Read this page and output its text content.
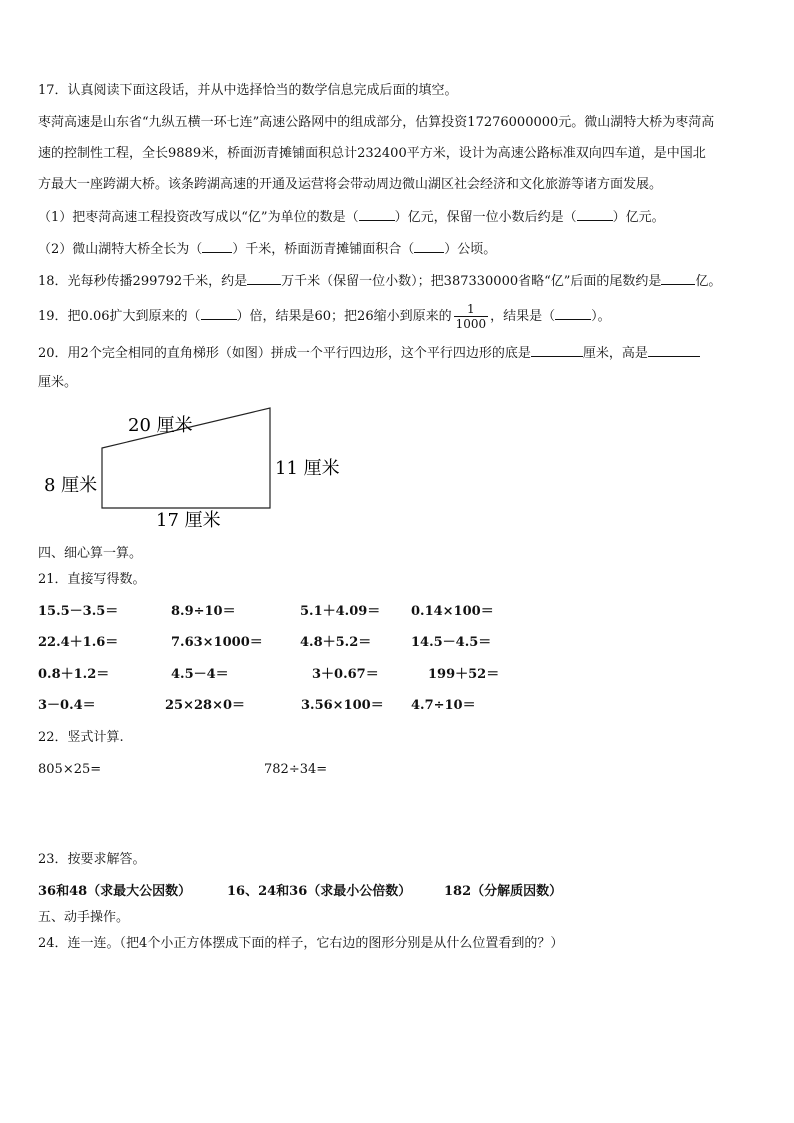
17．认真阅读下面这段话，并从中选择恰当的数学信息完成后面的填空。
枣菏高速是山东省“九纵五横一环七连”高速公路网中的组成部分，估算投资17276000000元。微山湖特大桥为枣菏高
速的控制性工程，全长9889米，桥面沥青摊铺面积总计232400平方米，设计为高速公路标准双向四车道，是中国北
方最大一座跨湖大桥。该条跨湖高速的开通及运营将会带动周边微山湖区社会经济和文化旅游等诸方面发展。
（1）把枣菏高速工程投资改写成以“亿”为单位的数是（	）亿元，保留一位小数后约是（	）亿元。
（2）微山湖特大桥全长为（ ）千米，桥面沥青摊铺面积合（ ）公顷。
18．光每秒传播299792千米，约是	万千米（保留一位小数）；把387330000省略“亿”后面的尾数约是	亿。
19．把0.06扩大到原来的（	）倍，结果是60；把26缩小到原来的 $\frac{1}{1000}$ ，结果是（	）。
20．用2个完全相同的直角梯形（如图）拼成一个平行四边形，这个平行四边形的底是	厘米，高是
厘米。
20 厘米
11 厘米
8 厘米
17 厘米
四、细心算一算。
21．直接写得数。
15.5－3.5＝	8.9÷10＝	5.1＋4.09＝ 0.14×100＝
22.4＋1.6＝	7.63×1000＝	4.8＋5.2＝	14.5－4.5＝
0.8＋1.2＝	4.5－4＝	3＋0.67＝	199＋52＝
3－0.4＝	25×28×0＝	3.56×100＝ 4.7÷10＝
22．竖式计算.
805×25=	782÷34=
23．按要求解答。
36和48（求最大公因数）	16、24和36（求最小公倍数）	182（分解质因数）
五、动手操作。
24．连一连。（把4个小正方体摆成下面的样子，它右边的图形分别是从什么位置看到的？）
